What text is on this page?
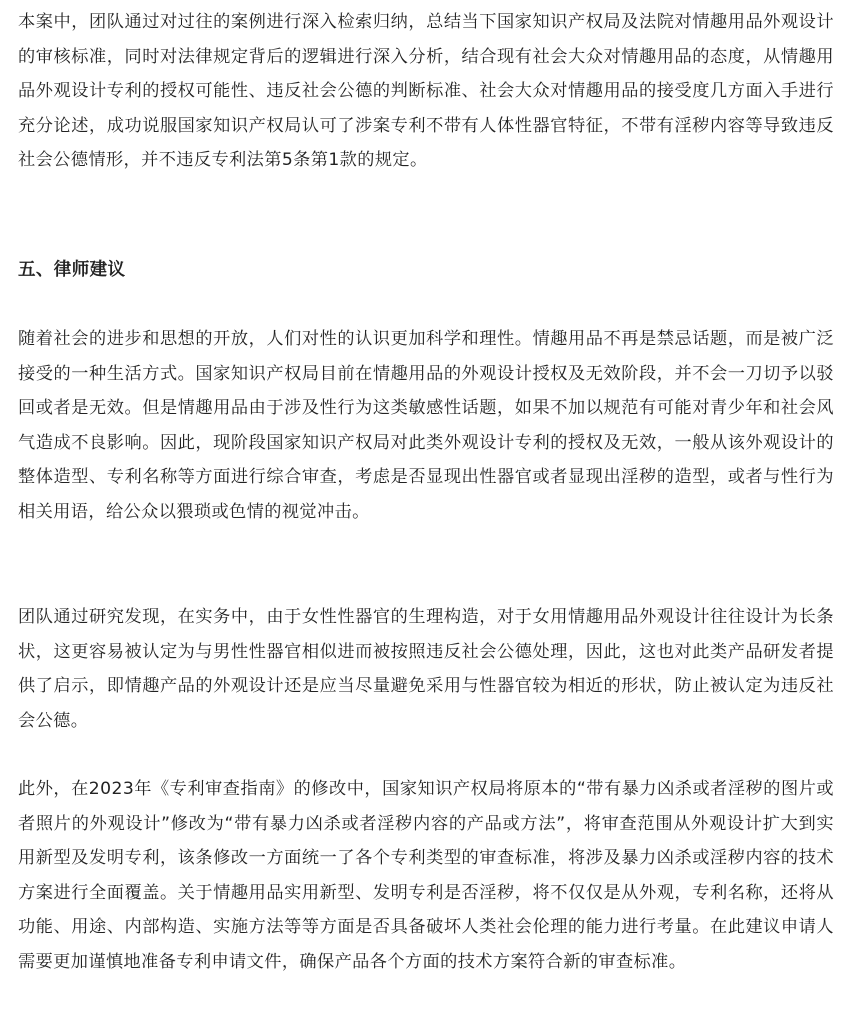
本案中，团队通过对过往的案例进行深入检索归纳，总结当下国家知识产权局及法院对情趣用品外观设计的审核标准，同时对法律规定背后的逻辑进行深入分析，结合现有社会大众对情趣用品的态度，从情趣用品外观设计专利的授权可能性、违反社会公德的判断标准、社会大众对情趣用品的接受度几方面入手进行充分论述，成功说服国家知识产权局认可了涉案专利不带有人体性器官特征，不带有淫秽内容等导致违反社会公德情形，并不违反专利法第5条第1款的规定。

五、律师建议

随着社会的进步和思想的开放，人们对性的认识更加科学和理性。情趣用品不再是禁忌话题，而是被广泛接受的一种生活方式。国家知识产权局目前在情趣用品的外观设计授权及无效阶段，并不会一刀切予以驳回或者是无效。但是情趣用品由于涉及性行为这类敏感性话题，如果不加以规范有可能对青少年和社会风气造成不良影响。因此，现阶段国家知识产权局对此类外观设计专利的授权及无效，一般从该外观设计的整体造型、专利名称等方面进行综合审查，考虑是否显现出性器官或者显现出淫秽的造型，或者与性行为相关用语，给公众以猥琐或色情的视觉冲击。

团队通过研究发现，在实务中，由于女性性器官的生理构造，对于女用情趣用品外观设计往往设计为长条状，这更容易被认定为与男性性器官相似进而被按照违反社会公德处理，因此，这也对此类产品研发者提供了启示，即情趣产品的外观设计还是应当尽量避免采用与性器官较为相近的形状，防止被认定为违反社会公德。

此外，在2023年《专利审查指南》的修改中，国家知识产权局将原本的“带有暴力凶杀或者淫秽的图片或者照片的外观设计”修改为“带有暴力凶杀或者淫秽内容的产品或方法”，将审查范围从外观设计扩大到实用新型及发明专利，该条修改一方面统一了各个专利类型的审查标准，将涉及暴力凶杀或淫秽内容的技术方案进行全面覆盖。关于情趣用品实用新型、发明专利是否淫秽，将不仅仅是从外观，专利名称，还将从功能、用途、内部构造、实施方法等等方面是否具备破坏人类社会伦理的能力进行考量。在此建议申请人需要更加谨慎地准备专利申请文件，确保产品各个方面的技术方案符合新的审查标准。
